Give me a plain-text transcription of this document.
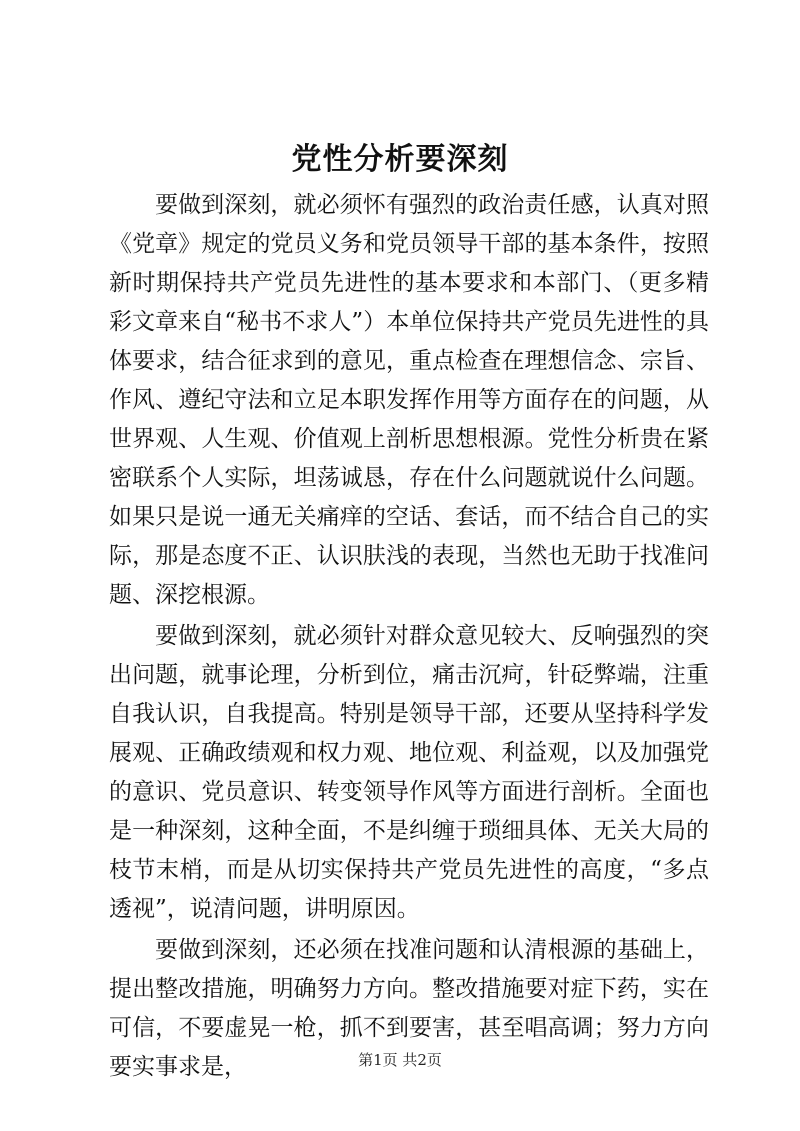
党性分析要深刻

要做到深刻，就必须怀有强烈的政治责任感，认真对照《党章》规定的党员义务和党员领导干部的基本条件，按照新时期保持共产党员先进性的基本要求和本部门、（更多精彩文章来自“秘书不求人”）本单位保持共产党员先进性的具体要求，结合征求到的意见，重点检查在理想信念、宗旨、作风、遵纪守法和立足本职发挥作用等方面存在的问题，从世界观、人生观、价值观上剖析思想根源。党性分析贵在紧密联系个人实际，坦荡诚恳，存在什么问题就说什么问题。如果只是说一通无关痛痒的空话、套话，而不结合自己的实际，那是态度不正、认识肤浅的表现，当然也无助于找准问题、深挖根源。

要做到深刻，就必须针对群众意见较大、反响强烈的突出问题，就事论理，分析到位，痛击沉疴，针砭弊端，注重自我认识，自我提高。特别是领导干部，还要从坚持科学发展观、正确政绩观和权力观、地位观、利益观，以及加强党的意识、党员意识、转变领导作风等方面进行剖析。全面也是一种深刻，这种全面，不是纠缠于琐细具体、无关大局的枝节末梢，而是从切实保持共产党员先进性的高度，“多点透视”，说清问题，讲明原因。

要做到深刻，还必须在找准问题和认清根源的基础上，提出整改措施，明确努力方向。整改措施要对症下药，实在可信，不要虚晃一枪，抓不到要害，甚至唱高调；努力方向要实事求是，	第1页 共2页
